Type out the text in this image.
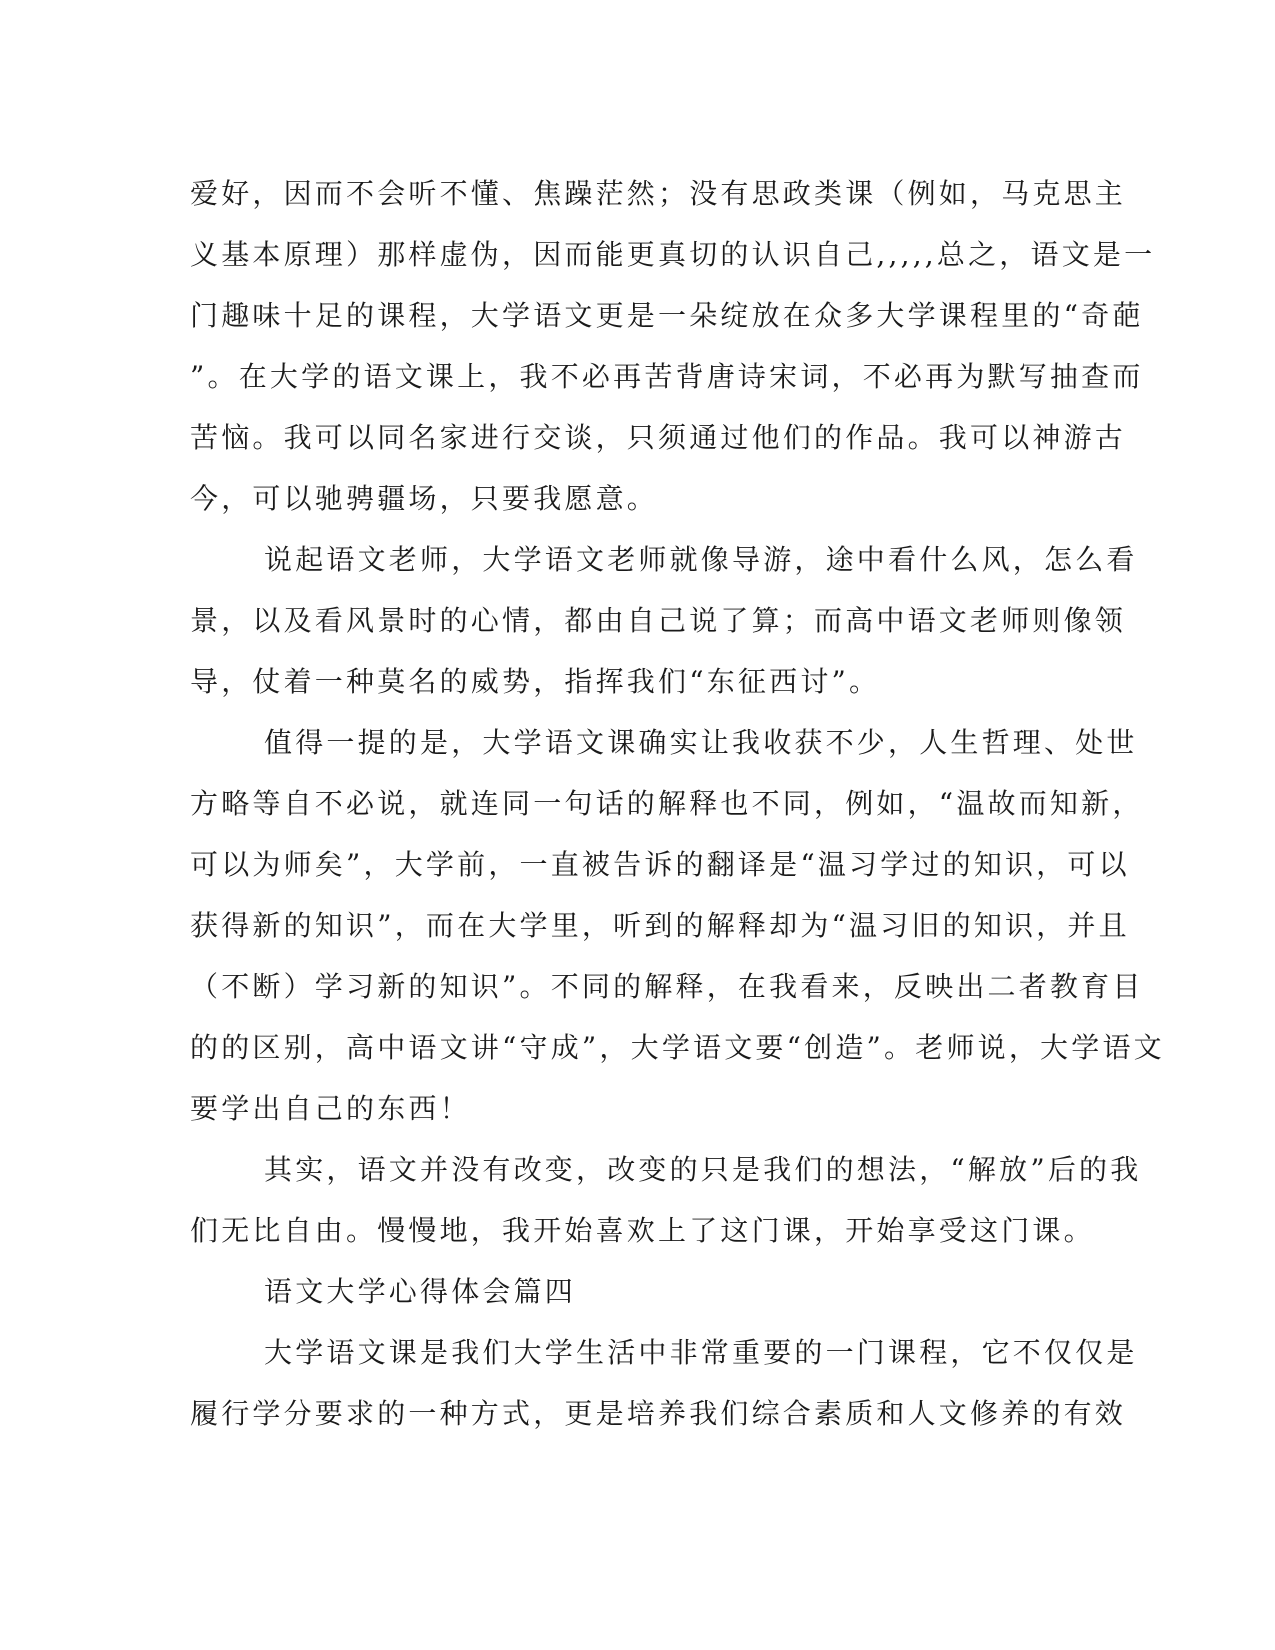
爱好，因而不会听不懂、焦躁茫然；没有思政类课（例如，马克思主
义基本原理）那样虚伪，因而能更真切的认识自己,,,,,总之，语文是一
门趣味十足的课程，大学语文更是一朵绽放在众多大学课程里的“奇葩
”。在大学的语文课上，我不必再苦背唐诗宋词，不必再为默写抽查而
苦恼。我可以同名家进行交谈，只须通过他们的作品。我可以神游古
今，可以驰骋疆场，只要我愿意。
说起语文老师，大学语文老师就像导游，途中看什么风，怎么看
景，以及看风景时的心情，都由自己说了算；而高中语文老师则像领
导，仗着一种莫名的威势，指挥我们“东征西讨”。
值得一提的是，大学语文课确实让我收获不少，人生哲理、处世
方略等自不必说，就连同一句话的解释也不同，例如，“温故而知新，
可以为师矣”，大学前，一直被告诉的翻译是“温习学过的知识，可以
获得新的知识”，而在大学里，听到的解释却为“温习旧的知识，并且
（不断）学习新的知识”。不同的解释，在我看来，反映出二者教育目
的的区别，高中语文讲“守成”，大学语文要“创造”。老师说，大学语文
要学出自己的东西！
其实，语文并没有改变，改变的只是我们的想法，“解放”后的我
们无比自由。慢慢地，我开始喜欢上了这门课，开始享受这门课。
语文大学心得体会篇四
大学语文课是我们大学生活中非常重要的一门课程，它不仅仅是
履行学分要求的一种方式，更是培养我们综合素质和人文修养的有效
